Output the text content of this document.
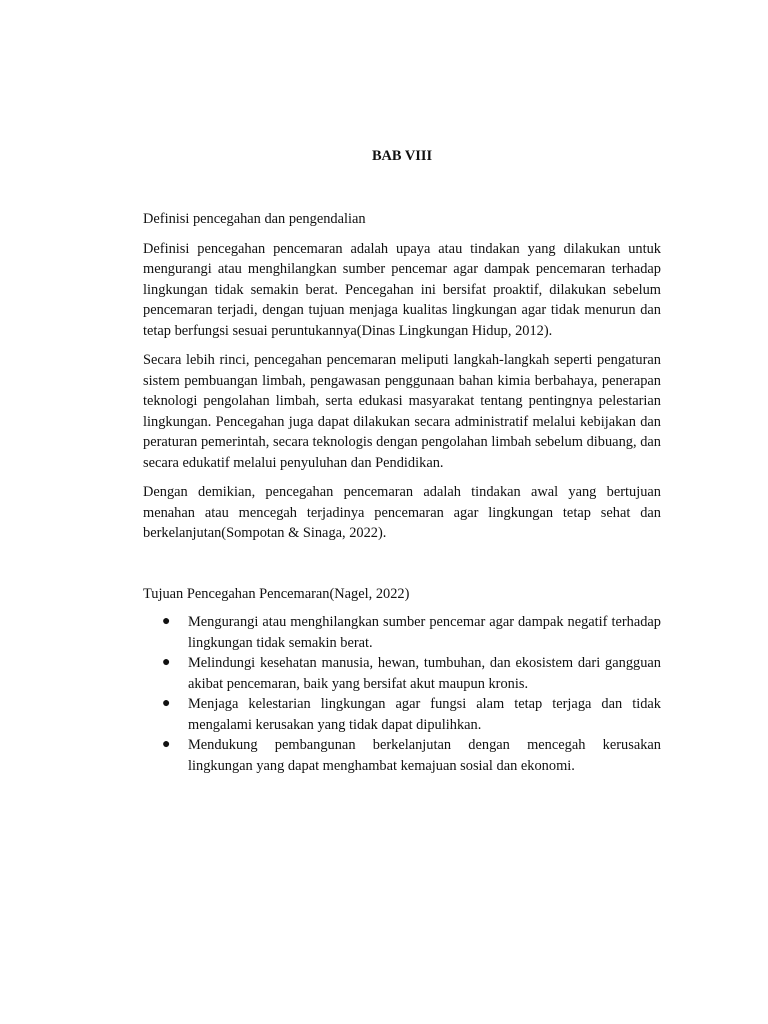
BAB VIII
Definisi pencegahan dan pengendalian

Definisi pencegahan pencemaran adalah upaya atau tindakan yang dilakukan untuk mengurangi atau menghilangkan sumber pencemar agar dampak pencemaran terhadap lingkungan tidak semakin berat. Pencegahan ini bersifat proaktif, dilakukan sebelum pencemaran terjadi, dengan tujuan menjaga kualitas lingkungan agar tidak menurun dan tetap berfungsi sesuai peruntukannya(Dinas Lingkungan Hidup, 2012).

Secara lebih rinci, pencegahan pencemaran meliputi langkah-langkah seperti pengaturan sistem pembuangan limbah, pengawasan penggunaan bahan kimia berbahaya, penerapan teknologi pengolahan limbah, serta edukasi masyarakat tentang pentingnya pelestarian lingkungan. Pencegahan juga dapat dilakukan secara administratif melalui kebijakan dan peraturan pemerintah, secara teknologis dengan pengolahan limbah sebelum dibuang, dan secara edukatif melalui penyuluhan dan Pendidikan.

Dengan demikian, pencegahan pencemaran adalah tindakan awal yang bertujuan menahan atau mencegah terjadinya pencemaran agar lingkungan tetap sehat dan berkelanjutan(Sompotan & Sinaga, 2022).

Tujuan Pencegahan Pencemaran(Nagel, 2022)
● Mengurangi atau menghilangkan sumber pencemar agar dampak negatif terhadap lingkungan tidak semakin berat.
● Melindungi kesehatan manusia, hewan, tumbuhan, dan ekosistem dari gangguan akibat pencemaran, baik yang bersifat akut maupun kronis.
● Menjaga kelestarian lingkungan agar fungsi alam tetap terjaga dan tidak mengalami kerusakan yang tidak dapat dipulihkan.
● Mendukung pembangunan berkelanjutan dengan mencegah kerusakan lingkungan yang dapat menghambat kemajuan sosial dan ekonomi.
